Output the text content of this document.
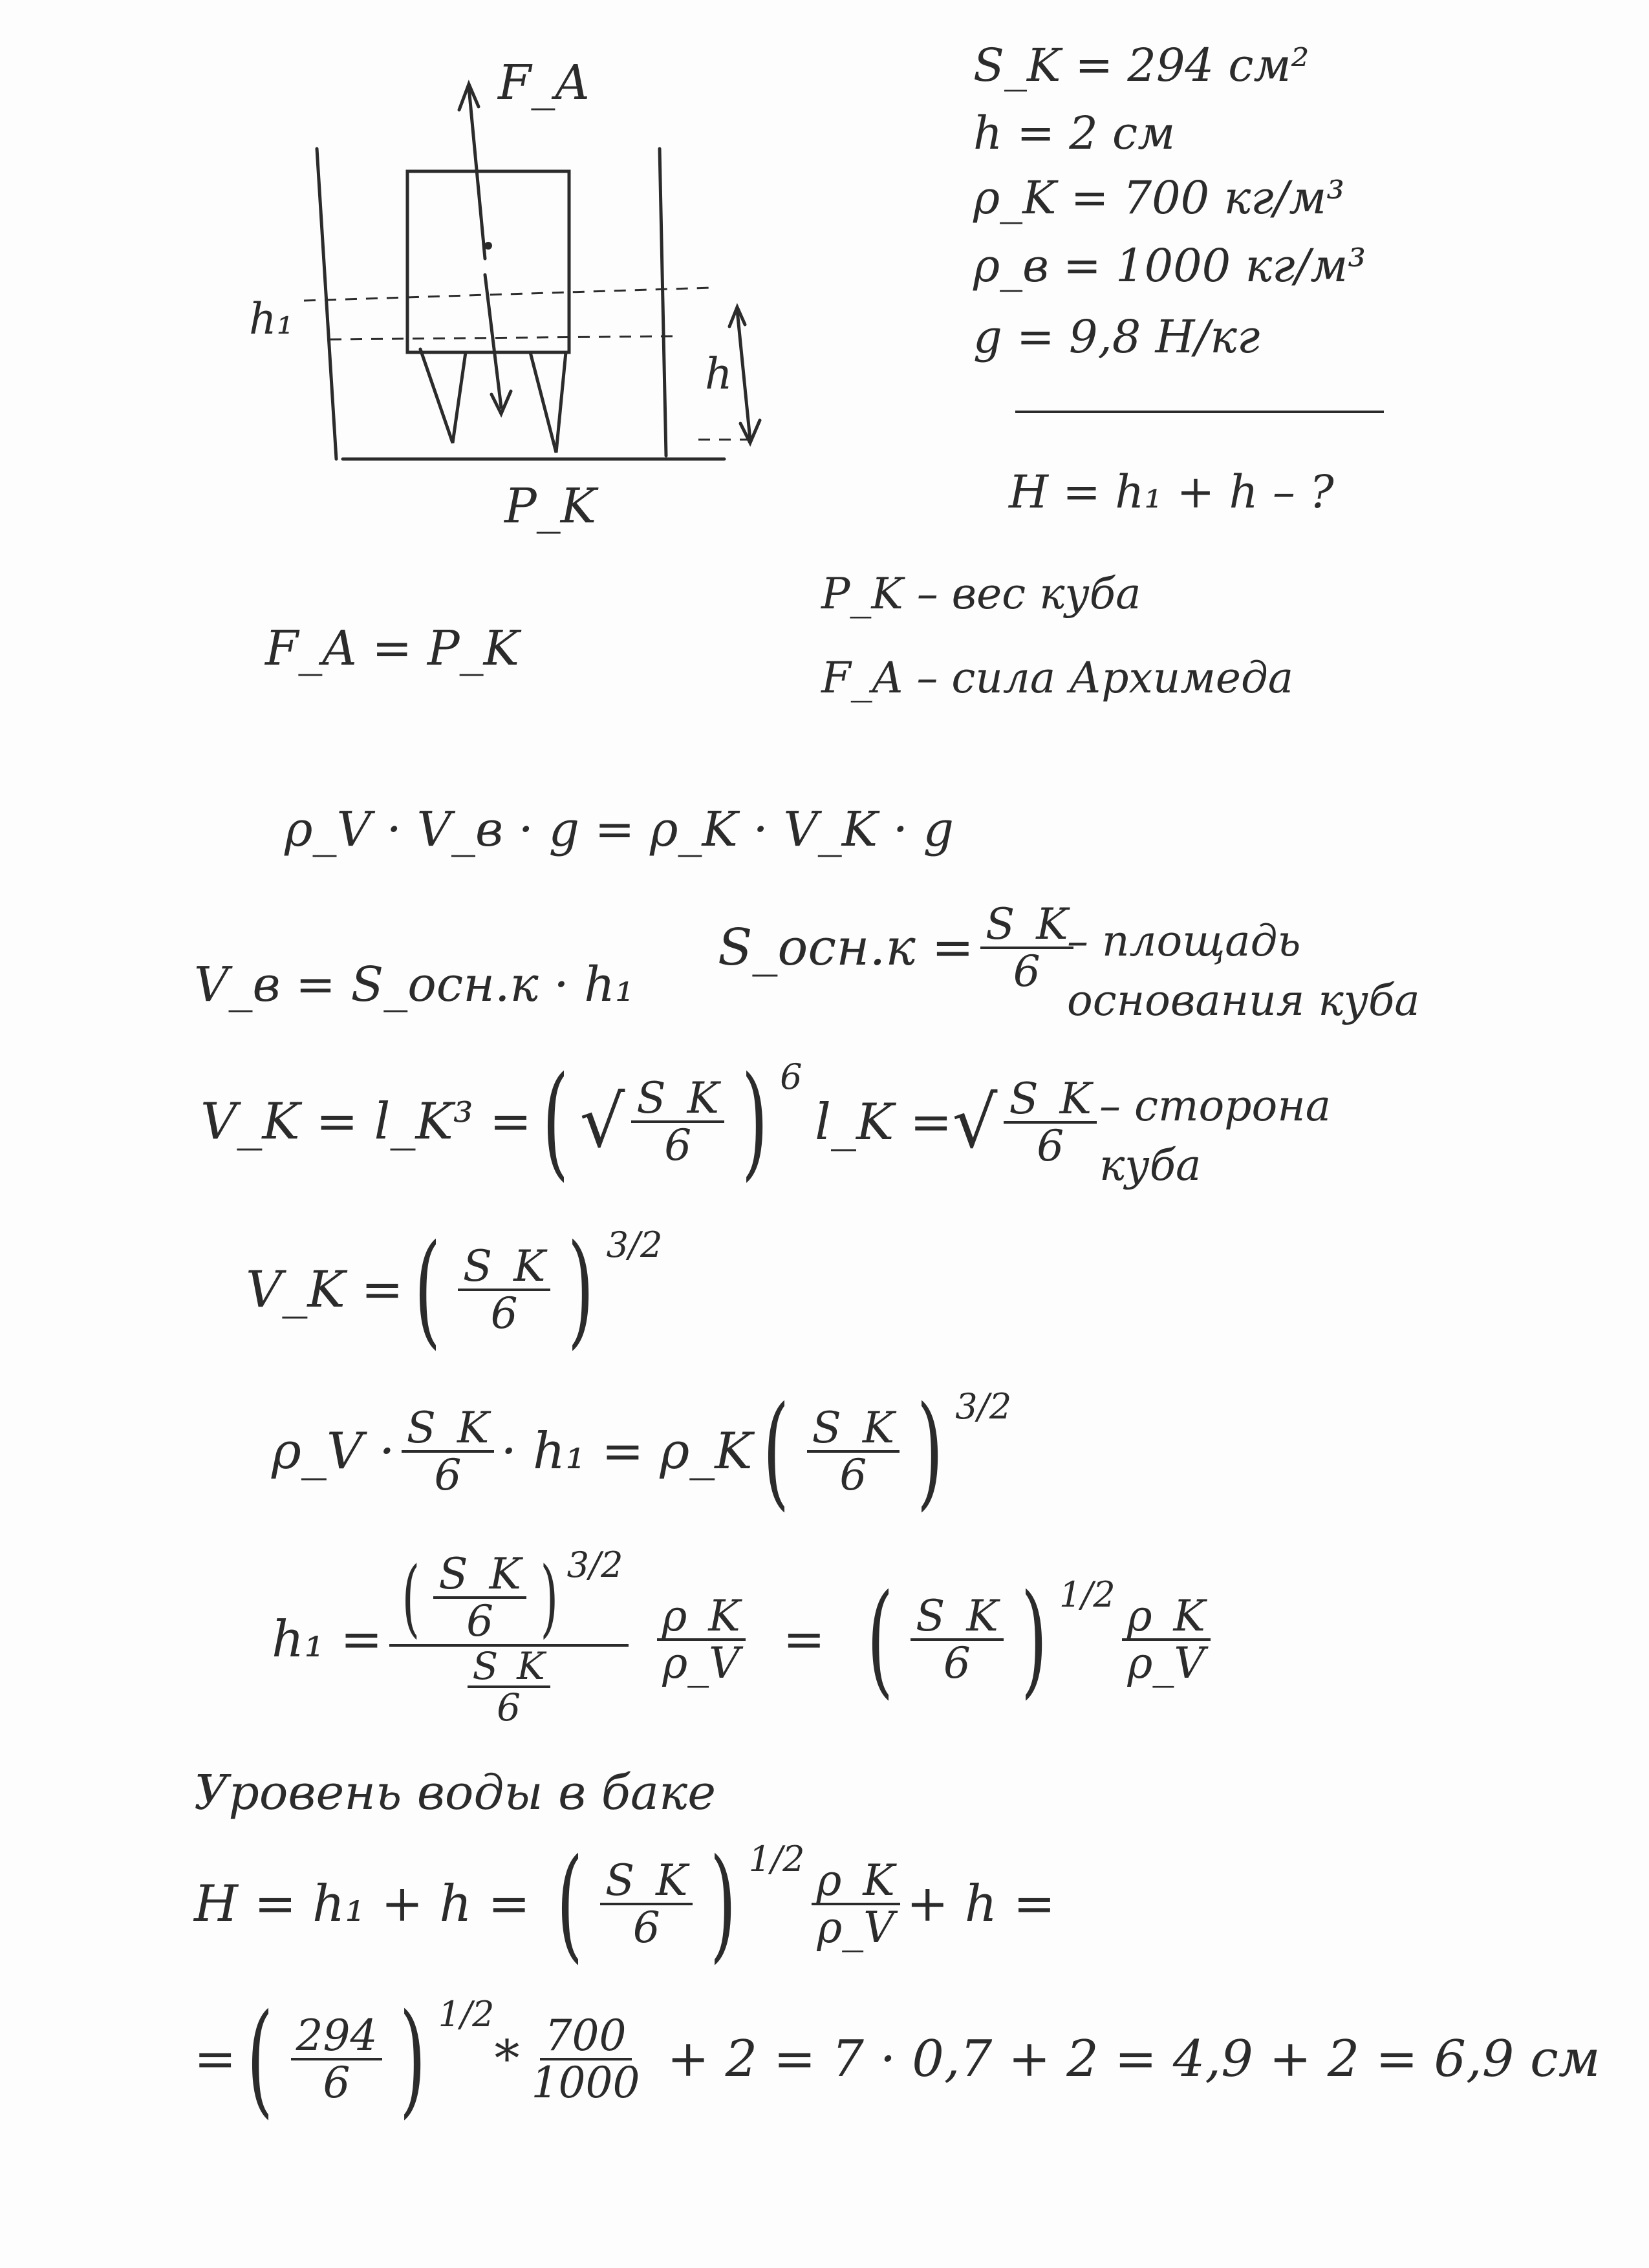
F_A
P_K
h₁
h
S_K = 294 см²
h = 2 см
ρ_K = 700 кг/м³
ρ_в = 1000 кг/м³
g = 9,8 Н/кг
H = h₁ + h – ?
P_K – вес куба
F_A – сила Архимеда
F_A = P_K
ρ_V · V_в · g = ρ_K · V_K · g
V_в = S_осн.к · h₁
S_осн.к = $\frac{S\_K}{6}$
– площадь основания куба
V_K = l_K³ = ( √ $\frac{S\_K}{6}$ ) 6
l_K = √ $\frac{S\_K}{6}$ – сторона куба
V_K = ( $\frac{S\_K}{6}$ ) 3/2
ρ_V · $\frac{S\_K}{6} \cdot h_1$ = ρ_K ( $\frac{S\_K}{6}$ ) 3/2
h₁ = ( $\frac{S\_K}{6}$ ) 3/2
$\frac{S\_K}{6}$
$\frac{\rho\_K}{\rho\_V}$ = ( $\frac{S\_K}{6}$ ) $1/2 \frac{\rho\_K}{\rho\_V}$
Уровень воды в баке
H = h₁ + h = ( $\frac{S\_K}{6}$ ) $1/2 \frac{\rho\_K}{\rho\_V} + h$ =
= ( $\frac{294}{6}$ ) 1/2
* $\frac{700}{1000} + 2 = 7 \cdot 0,7 + 2 = 4,9 + 2 = 6,9$ см
